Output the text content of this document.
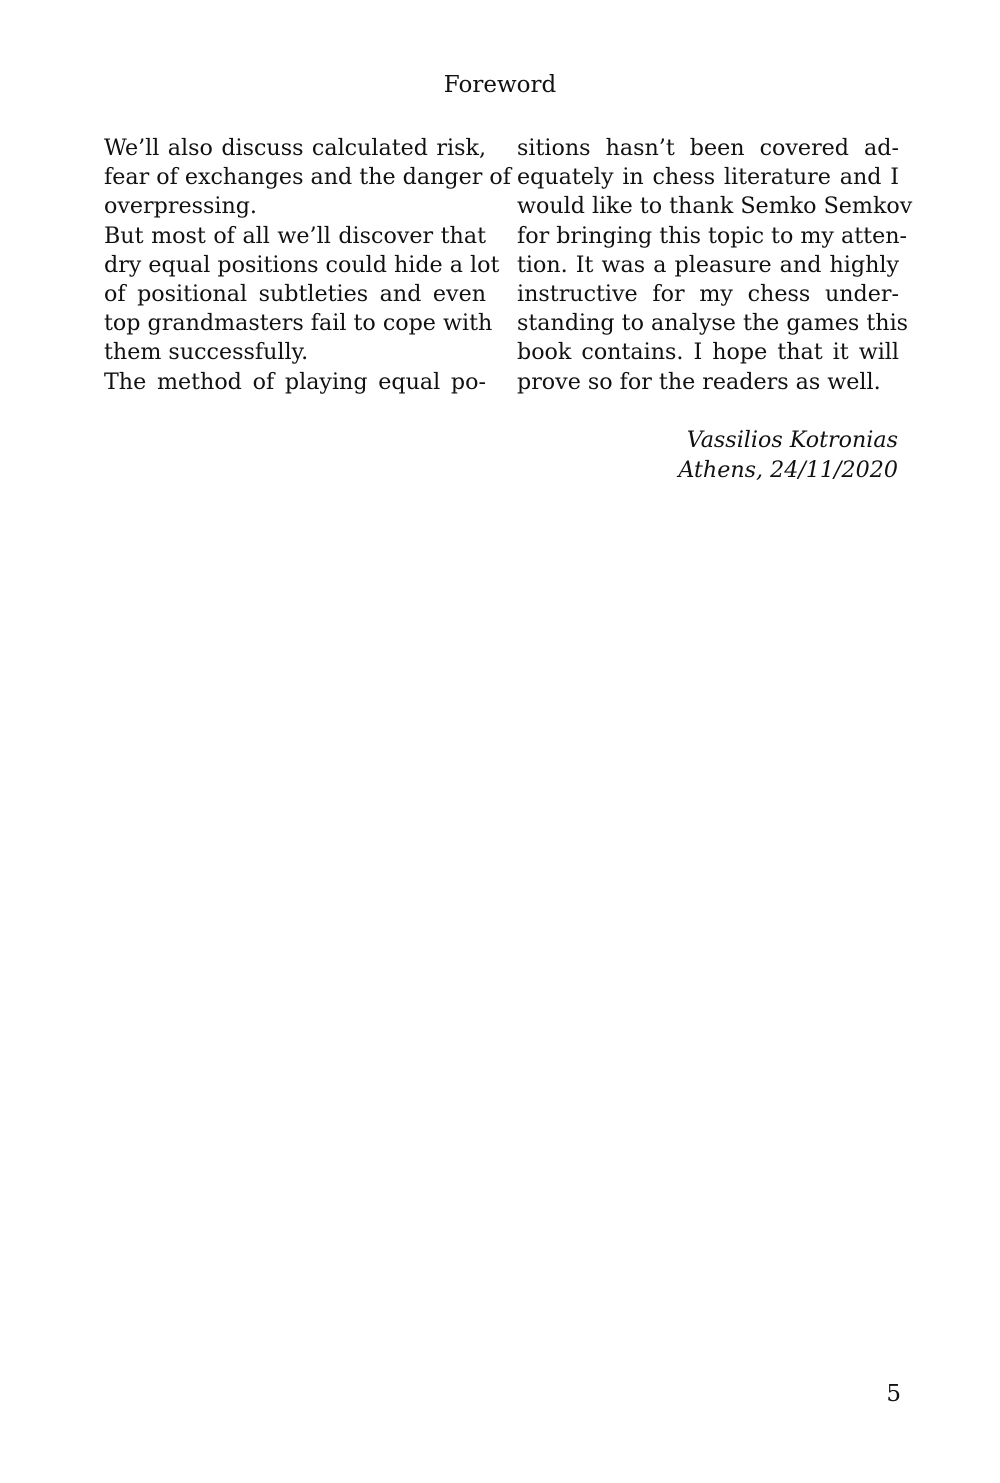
Foreword
We’ll also discuss calculated risk,
fear of exchanges and the danger of
overpressing.
But most of all we’ll discover that
dry equal positions could hide a lot
of positional subtleties and even
top grandmasters fail to cope with
them successfully.
The method of playing equal po-
sitions hasn’t been covered ad-
equately in chess literature and I
would like to thank Semko Semkov
for bringing this topic to my atten-
tion. It was a pleasure and highly
instructive for my chess under-
standing to analyse the games this
book contains. I hope that it will
prove so for the readers as well.
Vassilios Kotronias
Athens, 24/11/2020
5
